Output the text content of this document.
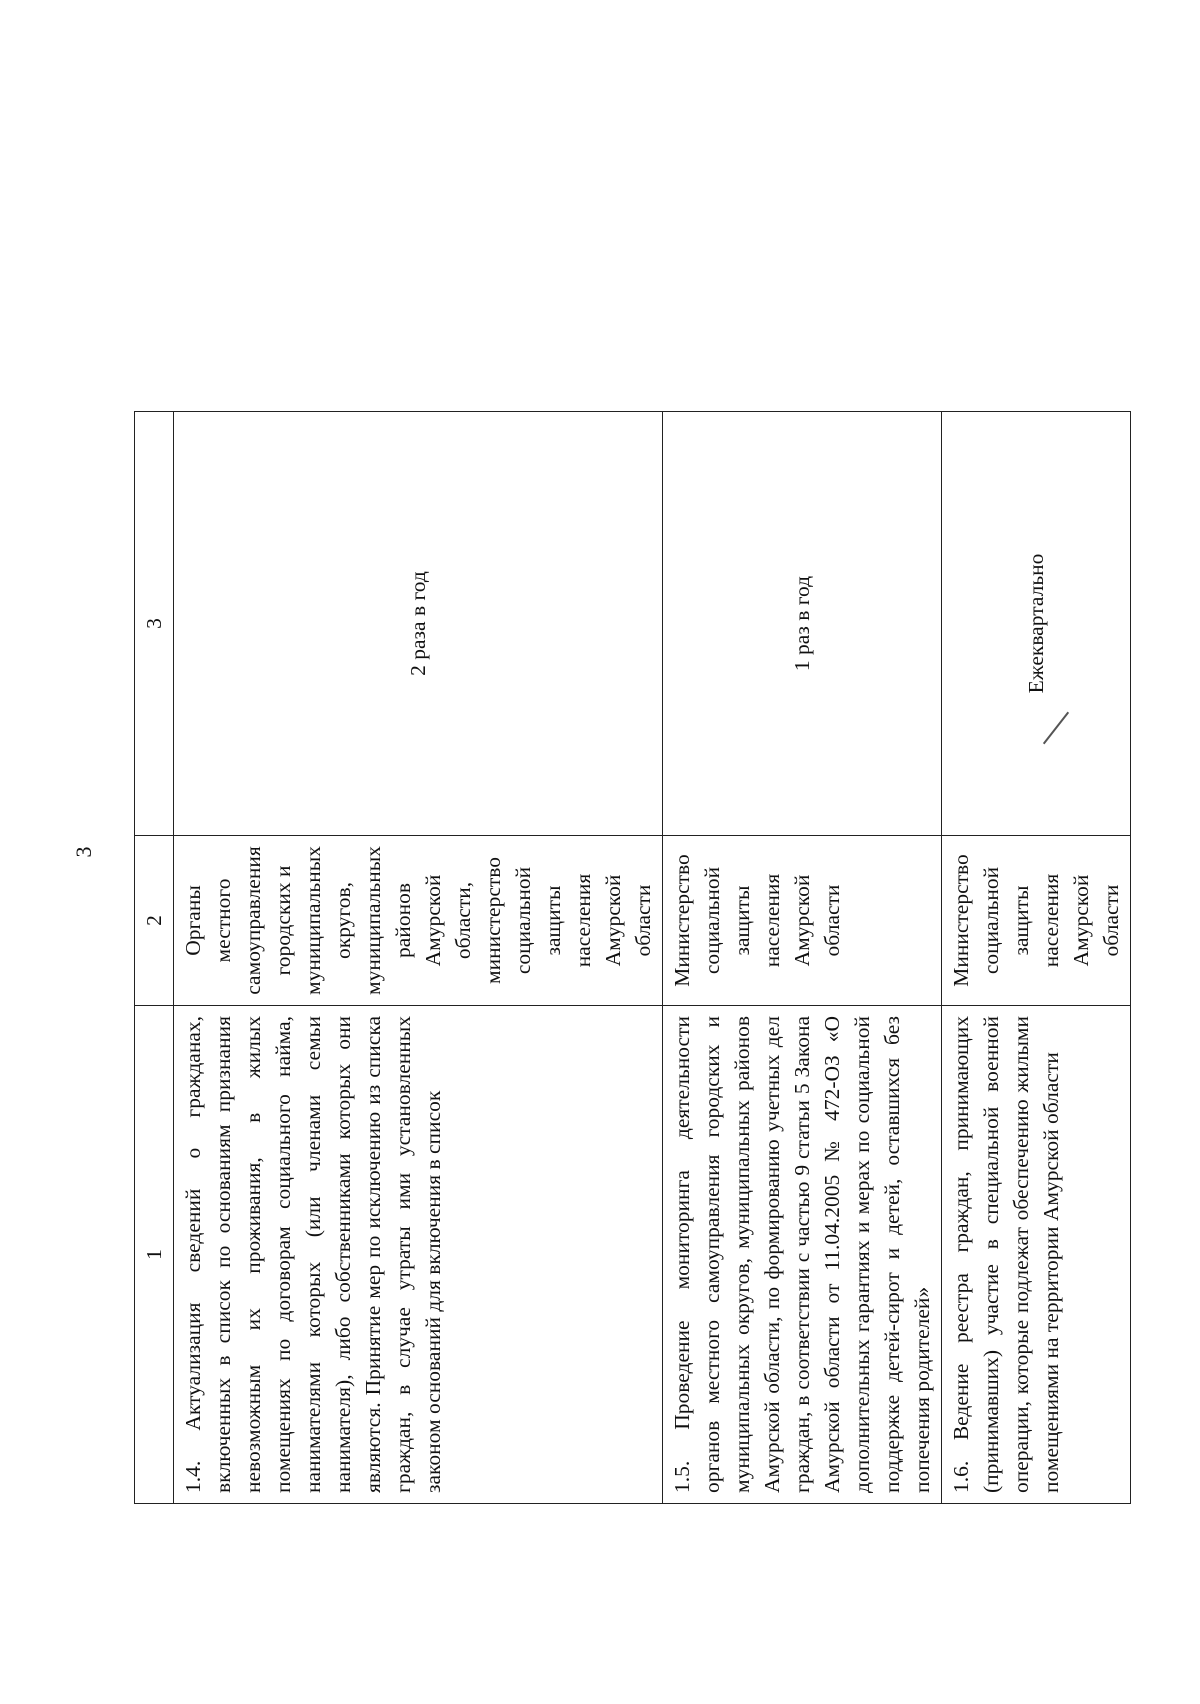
3
1	2	3
1.4. Актуализация сведений о гражданах, включенных в список по основаниям признания невозможным их проживания, в жилых помещениях по договорам социального найма, нанимателями которых (или членами семьи нанимателя), либо собственниками которых они являются. Принятие мер по исключению из списка граждан, в случае утраты ими установленных законом оснований для включения в список	Органы местного самоуправления городских и муниципальных округов, муниципальных районов Амурской области, министерство социальной защиты населения Амурской области	2 раза в год
1.5. Проведение мониторинга деятельности органов местного самоуправления городских и муниципальных округов, муниципальных районов Амурской области, по формированию учетных дел граждан, в соответствии с частью 9 статьи 5 Закона Амурской области от 11.04.2005 № 472-ОЗ «О дополнительных гарантиях и мерах по социальной поддержке детей-сирот и детей, оставшихся без попечения родителей»	Министерство социальной защиты населения Амурской области	1 раз в год
1.6. Ведение реестра граждан, принимающих (принимавших) участие в специальной военной операции, которые подлежат обеспечению жилыми помещениями на территории Амурской области	Министерство социальной защиты населения Амурской области	Ежеквартально
